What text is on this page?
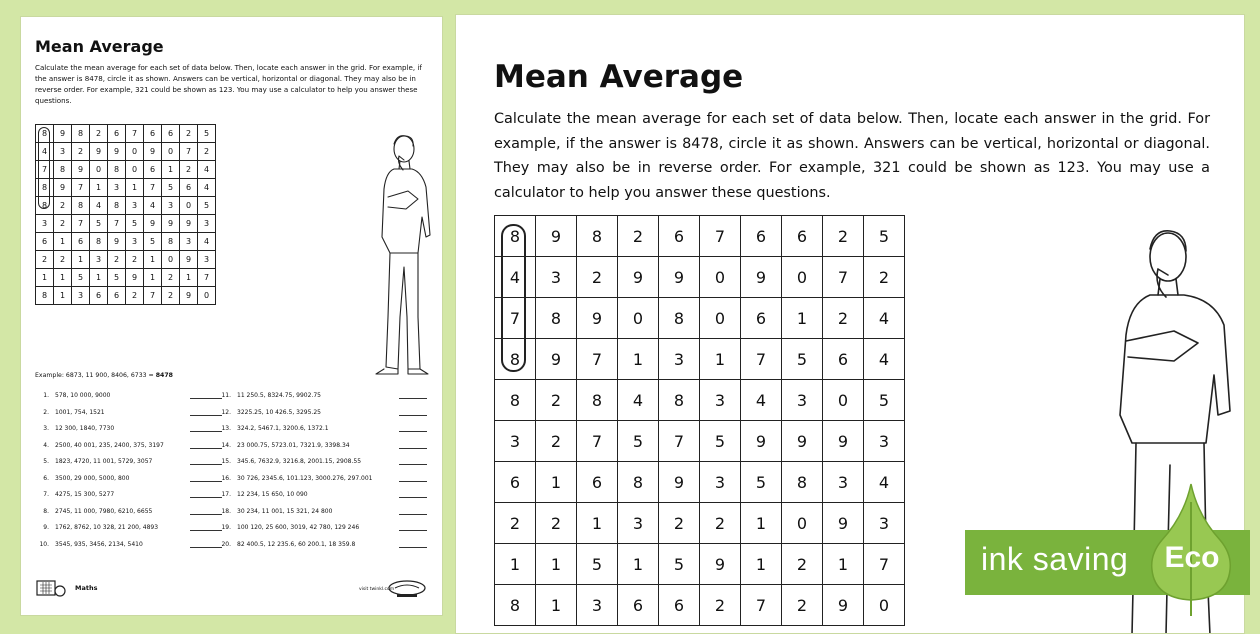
Mean Average
Calculate the mean average for each set of data below. Then, locate each answer in the grid. For example, if the answer is 8478, circle it as shown. Answers can be vertical, horizontal or diagonal. They may also be in reverse order. For example, 321 could be shown as 123. You may use a calculator to help you answer these questions.
8	9	8	2	6	7	6	6	2	5
4	3	2	9	9	0	9	0	7	2
7	8	9	0	8	0	6	1	2	4
8	9	7	1	3	1	7	5	6	4
8	2	8	4	8	3	4	3	0	5
3	2	7	5	7	5	9	9	9	3
6	1	6	8	9	3	5	8	3	4
2	2	1	3	2	2	1	0	9	3
1	1	5	1	5	9	1	2	1	7
8	1	3	6	6	2	7	2	9	0
Example: 6873, 11 900, 8406, 6733 = 8478
1. 578, 10 000, 9000
2. 1001, 754, 1521
3. 12 300, 1840, 7730
4. 2500, 40 001, 235, 2400, 375, 3197
5. 1823, 4720, 11 001, 5729, 3057
6. 3500, 29 000, 5000, 800
7. 4275, 15 300, 5277
8. 2745, 11 000, 7980, 6210, 6655
9. 1762, 8762, 10 328, 21 200, 4893
10. 3545, 935, 3456, 2134, 5410
11. 11 250.5, 8324.75, 9902.75
12. 3225.25, 10 426.5, 3295.25
13. 324.2, 5467.1, 3200.6, 1372.1
14. 23 000.75, 5723.01, 7321.9, 3398.34
15. 345.6, 7632.9, 3216.8, 2001.15, 2908.55
16. 30 726, 2345.6, 101.123, 3000.276, 297.001
17. 12 234, 15 650, 10 090
18. 30 234, 11 001, 15 321, 24 800
19. 100 120, 25 600, 3019, 42 780, 129 246
20. 82 400.5, 12 235.6, 60 200.1, 18 359.8
Maths	visit twinkl.com
Mean Average
Calculate the mean average for each set of data below. Then, locate each answer in the grid. For example, if the answer is 8478, circle it as shown. Answers can be vertical, horizontal or diagonal. They may also be in reverse order. For example, 321 could be shown as 123. You may use a calculator to help you answer these questions.
8	9	8	2	6	7	6	6	2	5
4	3	2	9	9	0	9	0	7	2
7	8	9	0	8	0	6	1	2	4
8	9	7	1	3	1	7	5	6	4
8	2	8	4	8	3	4	3	0	5
3	2	7	5	7	5	9	9	9	3
6	1	6	8	9	3	5	8	3	4
2	2	1	3	2	2	1	0	9	3
1	1	5	1	5	9	1	2	1	7
8	1	3	6	6	2	7	2	9	0
ink saving Eco
